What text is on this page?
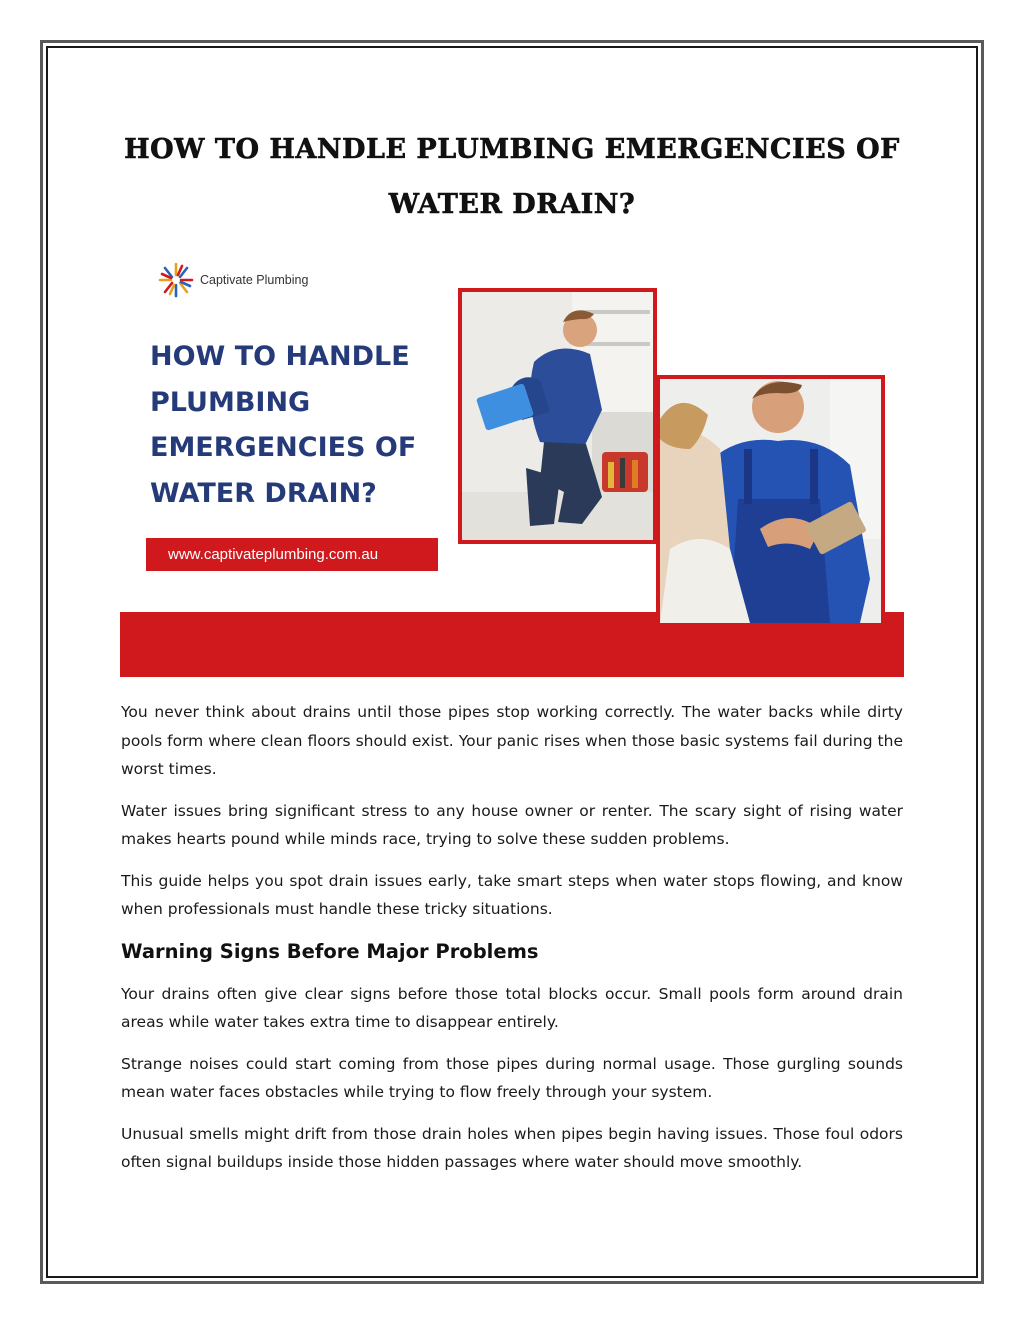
HOW TO HANDLE PLUMBING EMERGENCIES OF
WATER DRAIN?
Captivate Plumbing
HOW TO HANDLE
PLUMBING
EMERGENCIES OF
WATER DRAIN?
www.captivateplumbing.com.au

You never think about drains until those pipes stop working correctly. The water backs while dirty pools form where clean floors should exist. Your panic rises when those basic systems fail during the worst times.

Water issues bring significant stress to any house owner or renter. The scary sight of rising water makes hearts pound while minds race, trying to solve these sudden problems.

This guide helps you spot drain issues early, take smart steps when water stops flowing, and know when professionals must handle these tricky situations.

Warning Signs Before Major Problems

Your drains often give clear signs before those total blocks occur. Small pools form around drain areas while water takes extra time to disappear entirely.

Strange noises could start coming from those pipes during normal usage. Those gurgling sounds mean water faces obstacles while trying to flow freely through your system.

Unusual smells might drift from those drain holes when pipes begin having issues. Those foul odors often signal buildups inside those hidden passages where water should move smoothly.
